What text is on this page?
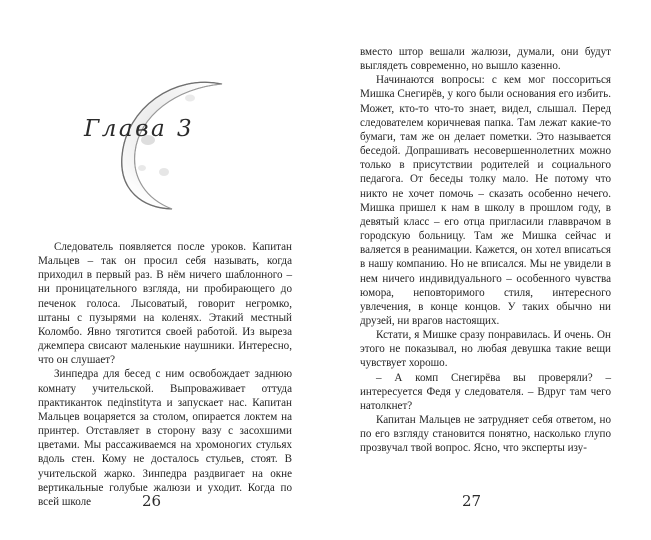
Глава 3

Следователь появляется после уроков. Капитан Мальцев – так он просил себя называть, когда приходил в первый раз. В нём ничего шаблонного – ни проницательного взгляда, ни пробирающего до печенок голоса. Лысоватый, говорит негромко, штаны с пузырями на коленях. Этакий местный Коломбо. Явно тяготится своей работой. Из выреза джемпера свисают маленькие наушники. Интересно, что он слушает?

Зинпедра для бесед с ним освобождает заднюю комнату учительской. Выпроваживает оттуда практиканток педinstitута и запускает нас. Капитан Мальцев воцаряется за столом, опирается локтем на принтер. Отставляет в сторону вазу с засохшими цветами. Мы рассаживаемся на хромоногих стульях вдоль стен. Кому не досталось стульев, стоят. В учительской жарко. Зинпедра раздвигает на окне вертикальные голубые жалюзи и уходит. Когда по всей школе	26

вместо штор вешали жалюзи, думали, они будут выглядеть современно, но вышло казенно.

Начинаются вопросы: с кем мог поссориться Мишка Снегирёв, у кого были основания его избить. Может, кто-то что-то знает, видел, слышал. Перед следователем коричневая папка. Там лежат какие-то бумаги, там же он делает пометки. Это называется беседой. Допрашивать несовершеннолетних можно только в присутствии родителей и социального педагога. От беседы толку мало. Не потому что никто не хочет помочь – сказать особенно нечего. Мишка пришел к нам в школу в прошлом году, в девятый класс – его отца пригласили главврачом в городскую больницу. Там же Мишка сейчас и валяется в реанимации. Кажется, он хотел вписаться в нашу компанию. Но не вписался. Мы не увидели в нем ничего индивидуального – особенного чувства юмора, неповторимого стиля, интересного увлечения, в конце концов. У таких обычно ни друзей, ни врагов настоящих.

Кстати, я Мишке сразу понравилась. И очень. Он этого не показывал, но любая девушка такие вещи чувствует хорошо.

– А комп Снегирёва вы проверяли? – интересуется Федя у следователя. – Вдруг там чего натолкнет?

Капитан Мальцев не затрудняет себя ответом, но по его взгляду становится понятно, насколько глупо прозвучал твой вопрос. Ясно, что эксперты изу-

27
